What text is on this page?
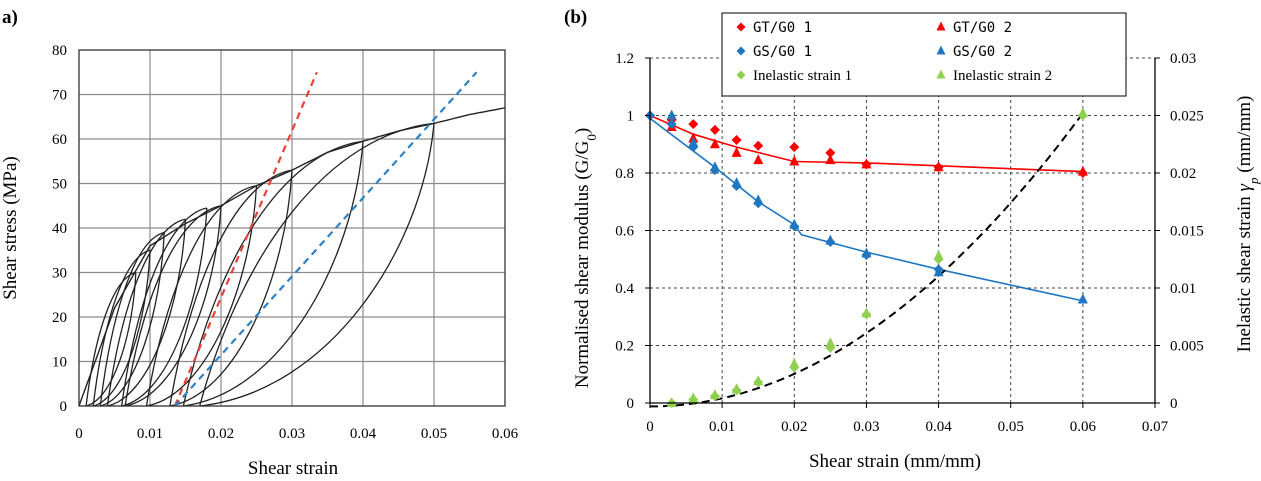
a)
0	0.01	0.02	0.03	0.04	0.05	0.06
0
10
20
30
40
50
60
70
80
Shear strain
Shear stress (MPa)
(b)
0	0.01	0.02	0.03	0.04	0.05	0.06	0.07
0
0.2
0.4
0.6
0.8
1
1.2
0
0.005
0.01
0.015
0.02
0.025
0.03
Shear strain (mm/mm)
Normalised shear modulus $(G/G_0)$
Inelastic shear strain $\gamma_p$ (mm/mm)
GT/G0 1	GT/G0 2
GS/G0 1	GS/G0 2
Inelastic strain 1	Inelastic strain 2
